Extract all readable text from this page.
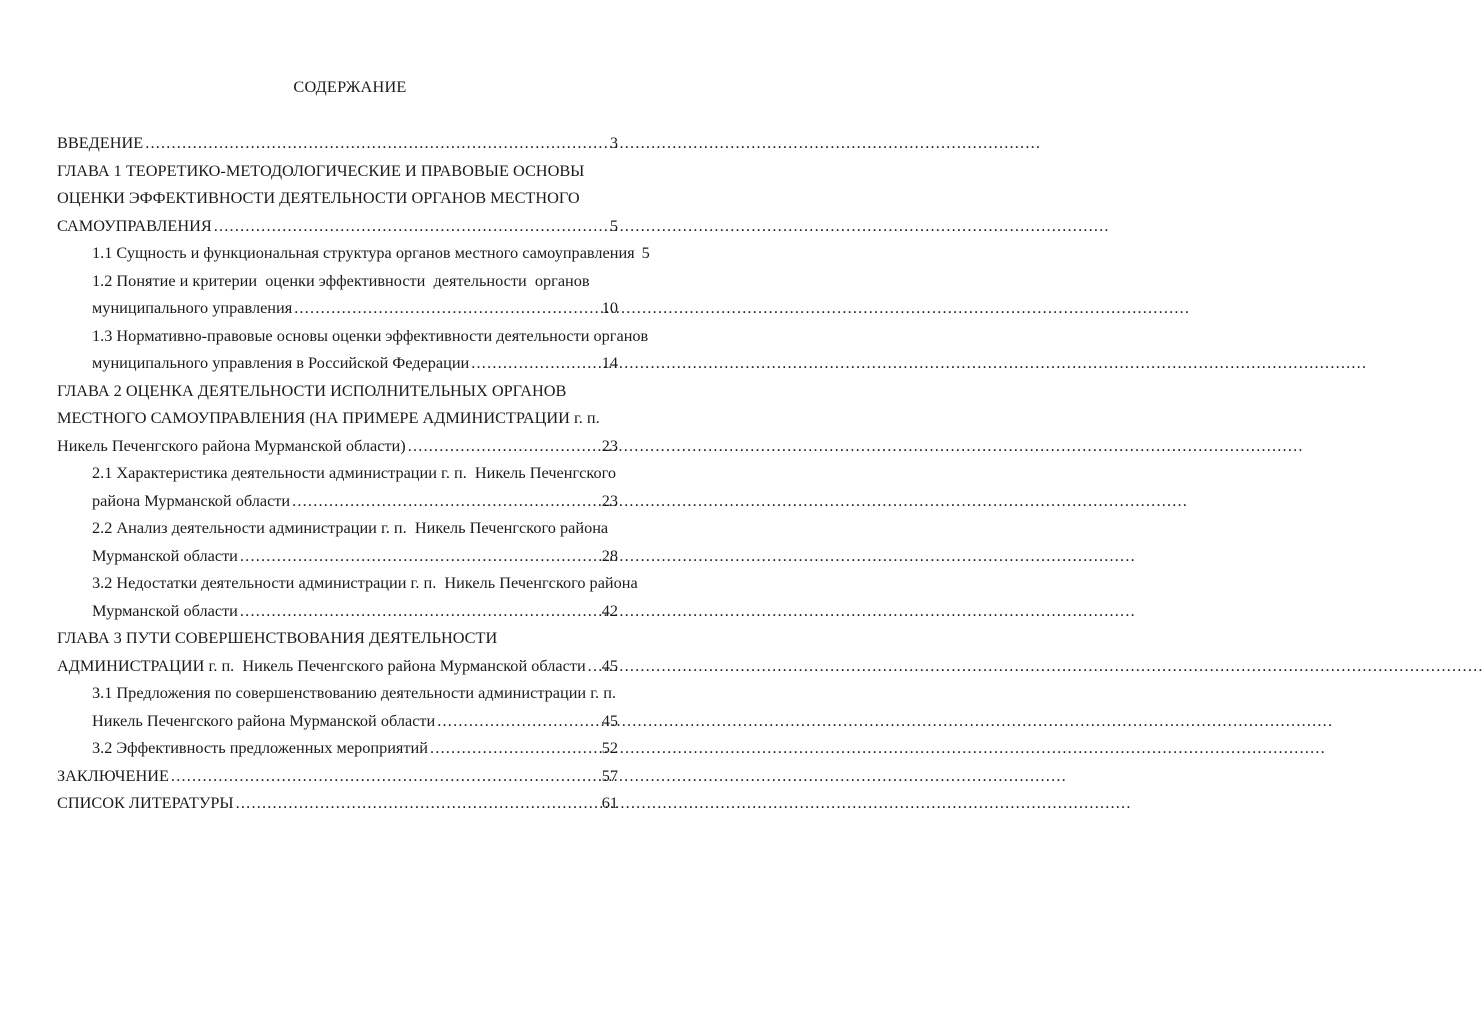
СОДЕРЖАНИЕ
ВВЕДЕНИЕ .....	3
ГЛАВА 1 ТЕОРЕТИКО-МЕТОДОЛОГИЧЕСКИЕ И ПРАВОВЫЕ ОСНОВЫ
ОЦЕНКИ ЭФФЕКТИВНОСТИ ДЕЯТЕЛЬНОСТИ ОРГАНОВ МЕСТНОГО
САМОУПРАВЛЕНИЯ .....	5
1.1 Сущность и функциональная структура органов местного самоуправления 5
1.2 Понятие и критерии  оценки эффективности  деятельности  органов
муниципального управления .....	10
1.3 Нормативно-правовые основы оценки эффективности деятельности органов
муниципального управления в Российской Федерации .....	14
ГЛАВА 2 ОЦЕНКА ДЕЯТЕЛЬНОСТИ ИСПОЛНИТЕЛЬНЫХ ОРГАНОВ
МЕСТНОГО САМОУПРАВЛЕНИЯ (НА ПРИМЕРЕ АДМИНИСТРАЦИИ г. п.
Никель Печенгского района Мурманской области) .....	23
2.1 Характеристика деятельности администрации г. п.  Никель Печенгского
района Мурманской области .....	23
2.2 Анализ деятельности администрации г. п.  Никель Печенгского района
Мурманской области .....	28
3.2 Недостатки деятельности администрации г. п.  Никель Печенгского района
Мурманской области .....	42
ГЛАВА 3 ПУТИ СОВЕРШЕНСТВОВАНИЯ ДЕЯТЕЛЬНОСТИ
АДМИНИСТРАЦИИ г. п.  Никель Печенгского района Мурманской области ..... 45
3.1 Предложения по совершенствованию деятельности администрации г. п.
Никель Печенгского района Мурманской области .....	45
3.2 Эффективность предложенных мероприятий .....	52
ЗАКЛЮЧЕНИЕ .....	57
СПИСОК ЛИТЕРАТУРЫ .....	61
